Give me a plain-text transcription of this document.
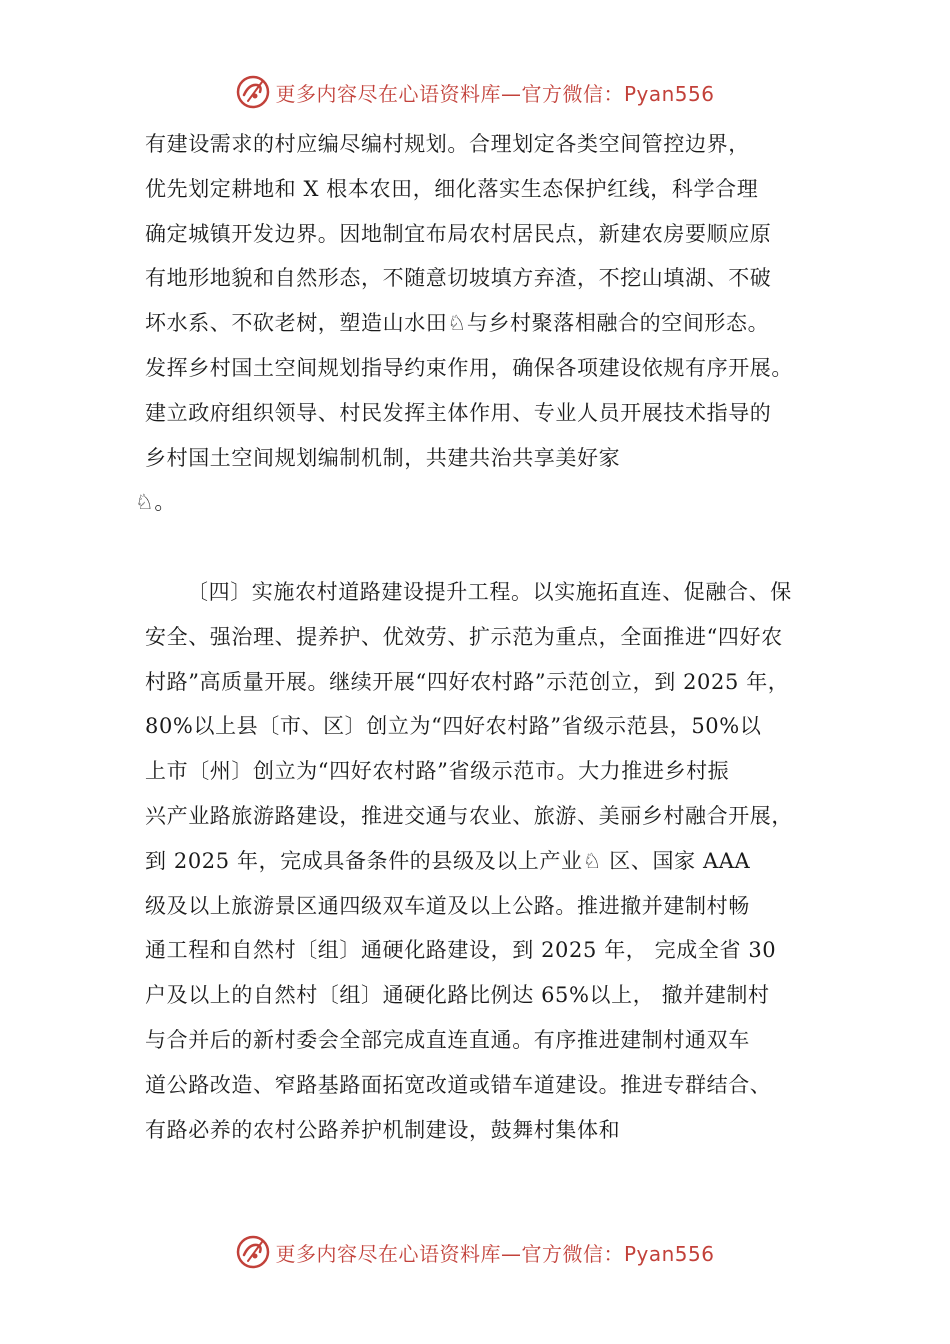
更多内容尽在心语资料库—官方微信：Pyan556
有建设需求的村应编尽编村规划。合理划定各类空间管控边界，
优先划定耕地和 X 根本农田，细化落实生态保护红线，科学合理
确定城镇开发边界。因地制宜布局农村居民点，新建农房要顺应原
有地形地貌和自然形态，不随意切坡填方弃渣，不挖山填湖、不破
坏水系、不砍老树，塑造山水田♘与乡村聚落相融合的空间形态。
发挥乡村国土空间规划指导约束作用，确保各项建设依规有序开展。
建立政府组织领导、村民发挥主体作用、专业人员开展技术指导的
乡村国土空间规划编制机制，共建共治共享美好家
♘。
〔四〕实施农村道路建设提升工程。以实施拓直连、促融合、保
安全、强治理、提养护、优效劳、扩示范为重点，全面推进“四好农
村路”高质量开展。继续开展“四好农村路”示范创立，到 2025 年，
80%以上县〔市、区〕创立为“四好农村路”省级示范县，50%以
上市〔州〕创立为“四好农村路”省级示范市。大力推进乡村振
兴产业路旅游路建设，推进交通与农业、旅游、美丽乡村融合开展，
到 2025 年，完成具备条件的县级及以上产业♘ 区、国家 AAA
级及以上旅游景区通四级双车道及以上公路。推进撤并建制村畅
通工程和自然村〔组〕通硬化路建设，到 2025 年， 完成全省 30
户及以上的自然村〔组〕通硬化路比例达 65%以上， 撤并建制村
与合并后的新村委会全部完成直连直通。有序推进建制村通双车
道公路改造、窄路基路面拓宽改道或错车道建设。推进专群结合、
有路必养的农村公路养护机制建设，鼓舞村集体和
更多内容尽在心语资料库—官方微信：Pyan556
